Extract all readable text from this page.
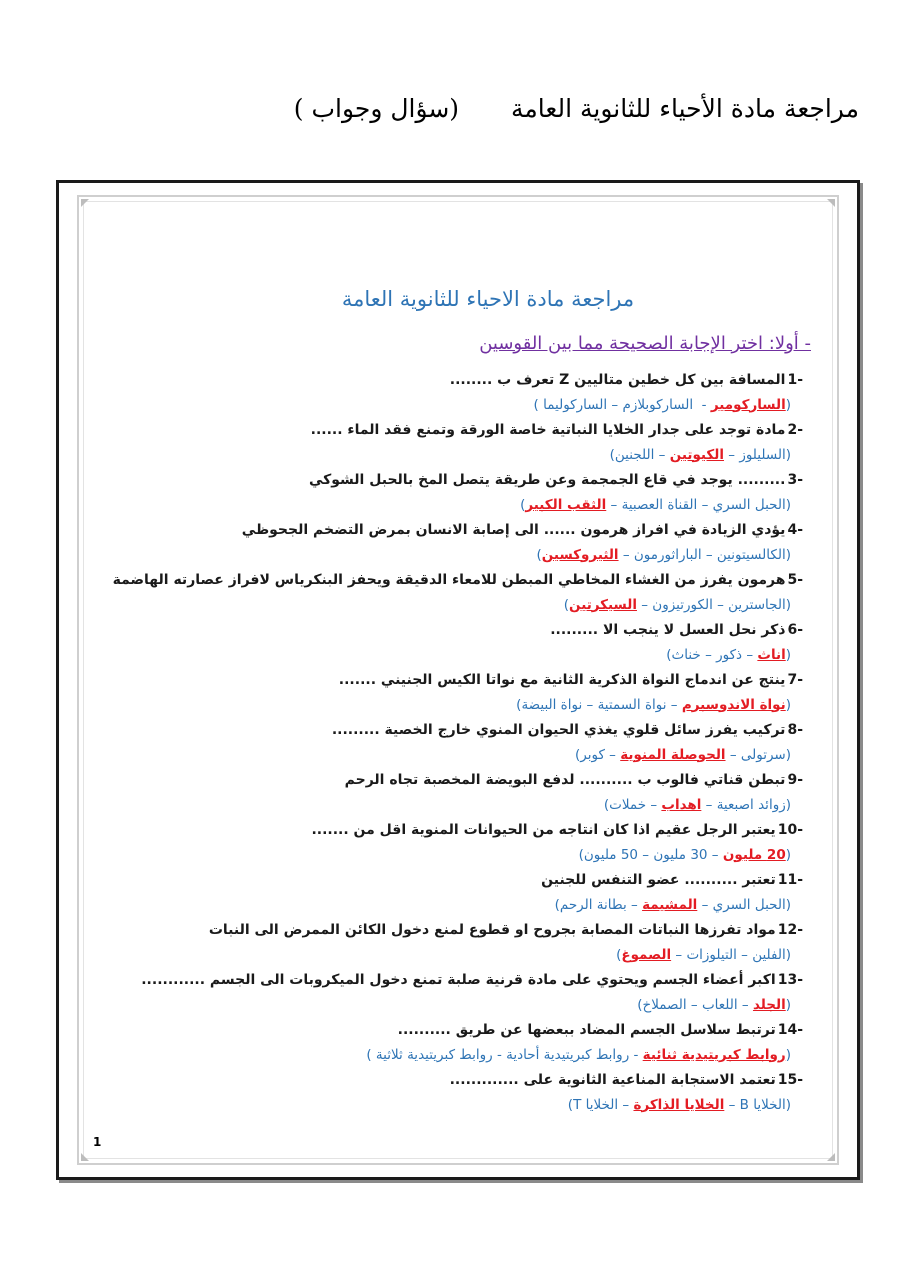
مراجعة مادة الأحياء للثانوية العامة (سؤال وجواب )
مراجعة مادة الاحياء للثانوية العامة
- أولا: اختر الإجابة الصحيحة مما بين القوسين
-1
المسافة بين كل خطين متاليين Z تعرف ب ........
(
الساركومير
-  الساركوبلازم – الساركوليما )
-2
مادة توجد على جدار الخلايا النباتية خاصة الورقة وتمنع فقد الماء ......
(السليلوز –
الكيوتين
– اللجنين)
-3
......... يوجد في قاع الجمجمة وعن طريقة يتصل المخ بالحبل الشوكي
(الحبل السري – القناة العصبية –
الثقب الكبير
)
-4
يؤدي الزيادة في افراز هرمون ...... الى إصابة الانسان بمرض التضخم الجحوظي
(الكالسيتونين – الباراثورمون –
الثيروكسين
)
-5
هرمون يفرز من الغشاء المخاطي المبطن للامعاء الدقيقة ويحفز البنكرياس لافراز عصارته الهاضمة
(الجاسترين – الكورتيزون –
السيكرتين
)
-6
ذكر نحل العسل لا ينجب الا .........
(
اناث
– ذكور – خناث)
-7
ينتج عن اندماج النواة الذكرية الثانية مع نواتا الكيس الجنيني .......
(
نواة الاندوسبرم
– نواة السمتية – نواة البيضة)
-8
تركيب يفرز سائل قلوي يغذي الحيوان المنوي خارج الخصية .........
(سرتولى –
الحوصلة المنوية
– كوبر)
-9
تبطن قناتي فالوب ب .......... لدفع البويضة المخصبة تجاه الرحم
(زوائد اصبعية –
اهداب
– خملات)
-10
يعتبر الرجل عقيم اذا كان انتاجه من الحيوانات المنوية اقل من .......
(
20 مليون
– 30 مليون – 50 مليون)
-11
تعتبر .......... عضو التنفس للجنين
(الحبل السري –
المشيمة
– بطانة الرحم)
-12
مواد تفرزها النباتات المصابة بجروح او قطوع لمنع دخول الكائن الممرض الى النبات
(الفلين – التيلوزات –
الصموغ
)
-13
اكبر أعضاء الجسم ويحتوي على مادة قرنية صلبة تمنع دخول الميكروبات الى الجسم ............
(
الجلد
– اللعاب – الصملاخ)
-14
ترتبط سلاسل الجسم المضاد ببعضها عن طريق ..........
(
روابط كبريتيدية ثنائية
- روابط كبريتيدية أحادية - روابط كبريتيدية ثلاثية )
-15
تعتمد الاستجابة المناعية الثانوية على .............
(الخلايا B –
الخلايا الذاكرة
– الخلايا T)
1
